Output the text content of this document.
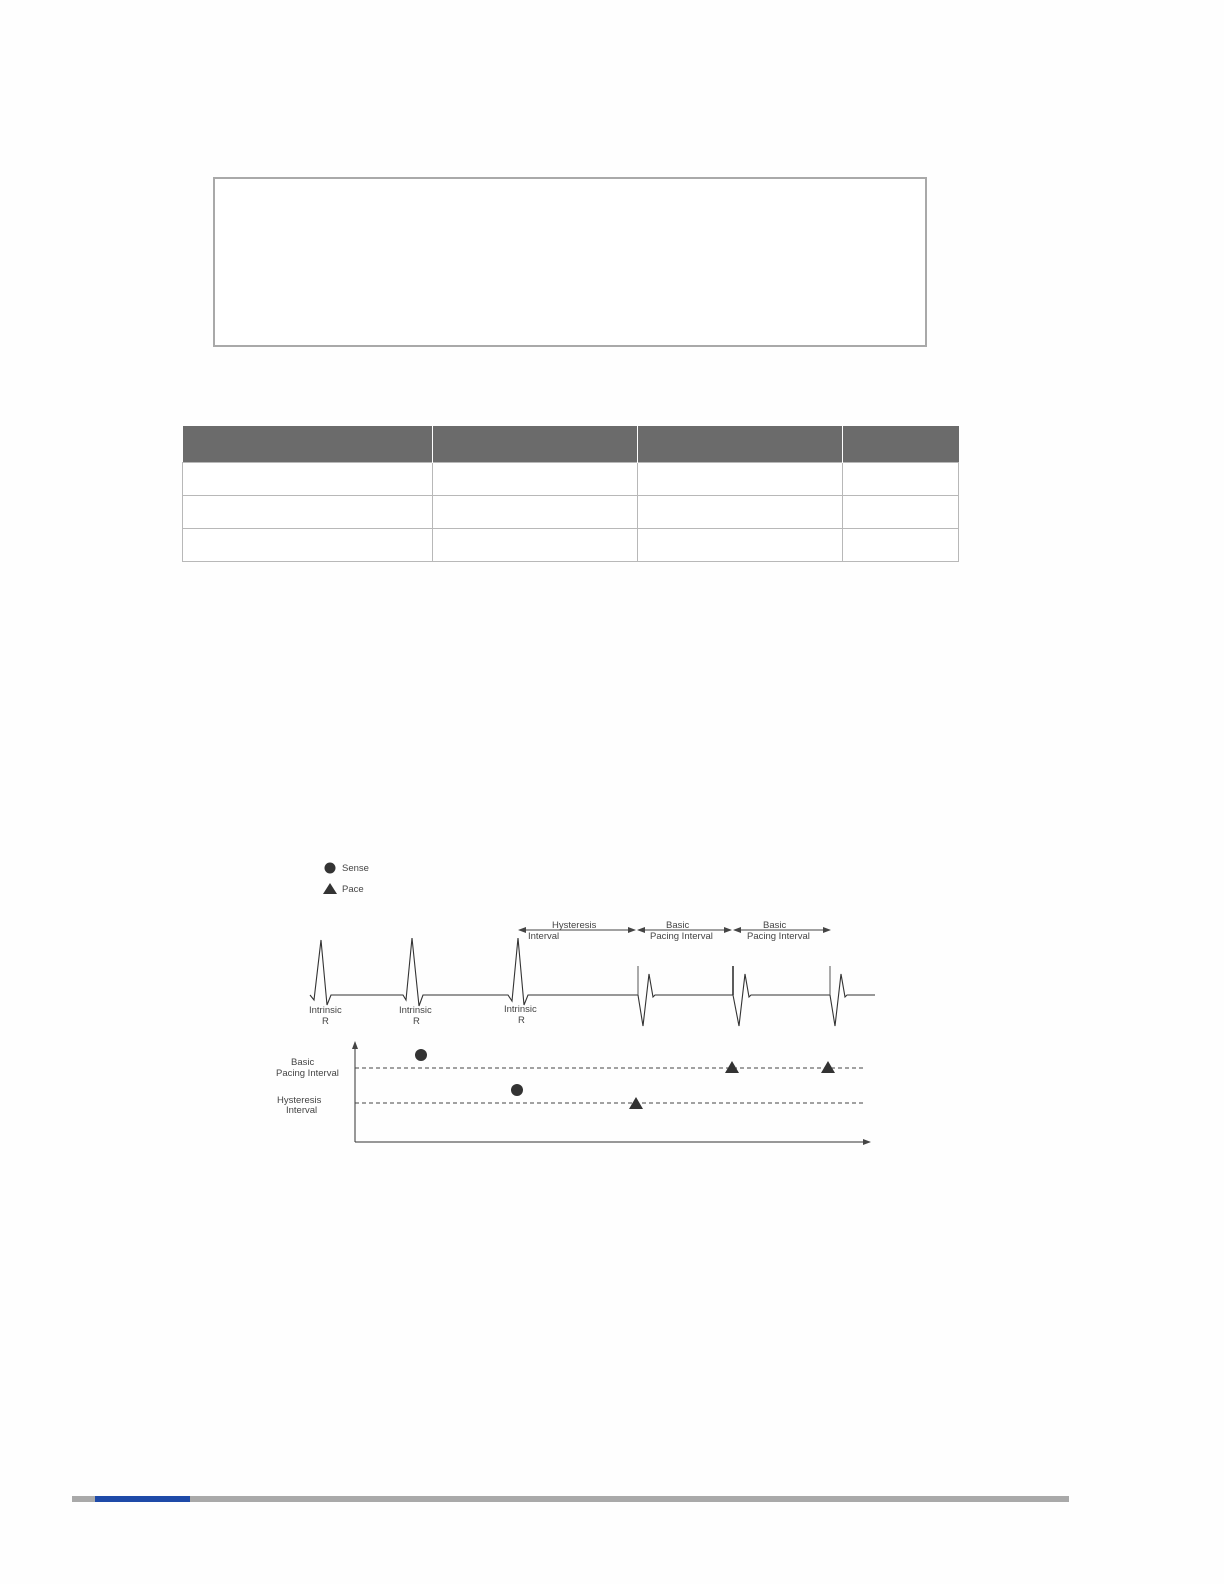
Sense
Pace
Hysteresis
Interval
Basic
Pacing Interval
Basic
Pacing Interval
Intrinsic
R
Intrinsic
R
Intrinsic
R
Basic
Pacing Interval
Hysteresis
Interval
